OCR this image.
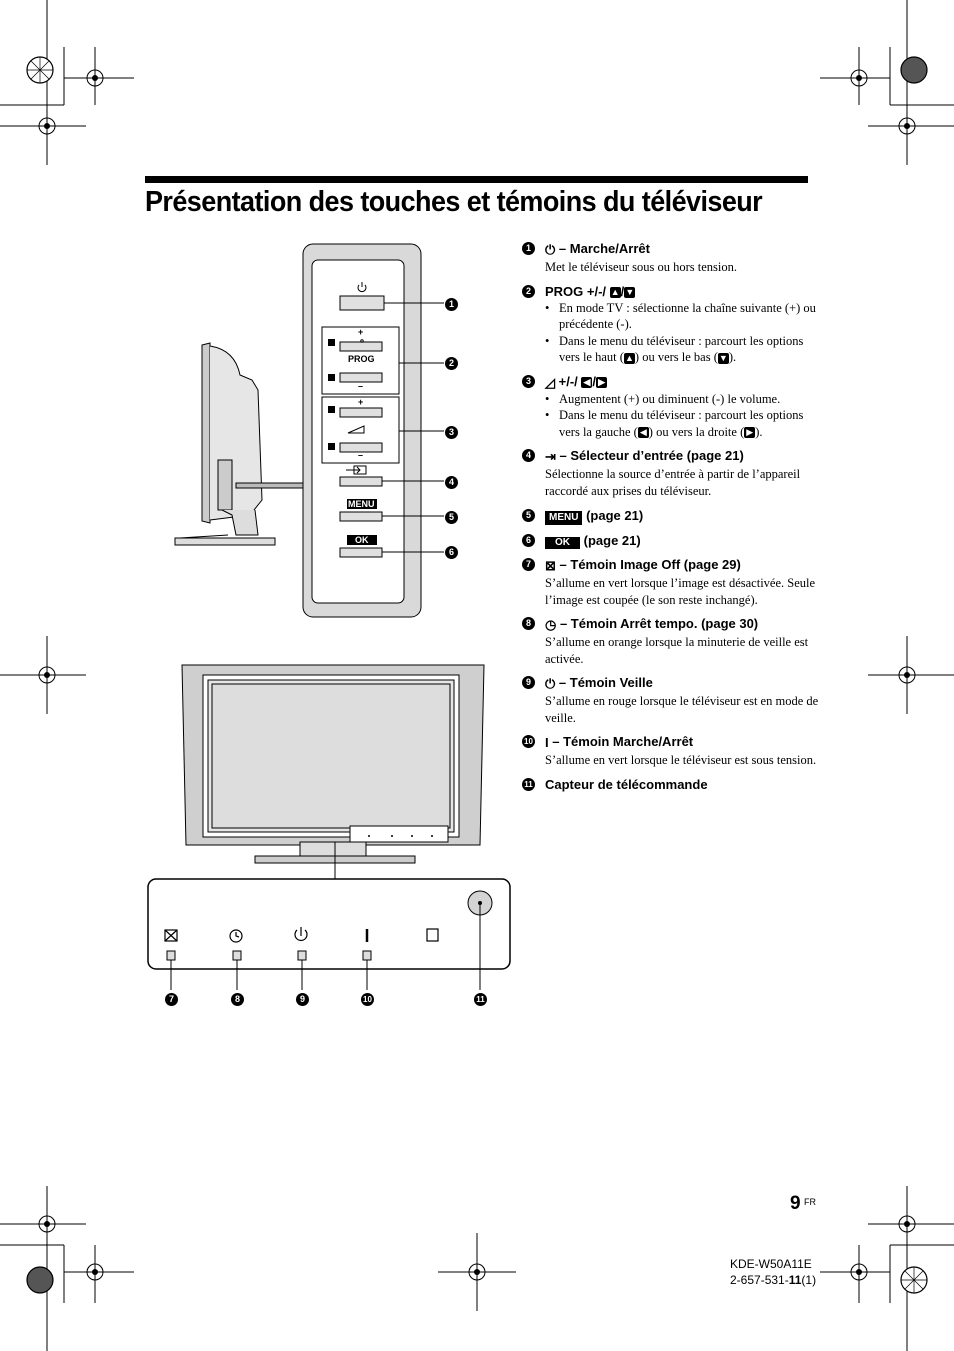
Présentation des touches et témoins du téléviseur
+
PROG
–
+
–
MENU
OK
1
2
3
4
5
6
7	8	9	10	11
1	⏻ – Marche/Arrêt
Met le téléviseur sous ou hors tension.
2	PROG +/-/ ▲/▼
• En mode TV : sélectionne la chaîne suivante (+) ou précédente (-).
• Dans le menu du téléviseur : parcourt les options vers le haut (▲) ou vers le bas (▼).
3	◿ +/-/ ◀ / ▶
• Augmentent (+) ou diminuent (-) le volume.
• Dans le menu du téléviseur : parcourt les options vers la gauche ( ◀ ) ou vers la droite ( ▶ ).
4	⇥ – Sélecteur d’entrée (page 21)
Sélectionne la source d’entrée à partir de l’appareil raccordé aux prises du téléviseur.
5	MENU (page 21)
6	OK (page 21)
7	⊠ – Témoin Image Off (page 29)
S’allume en vert lorsque l’image est désactivée. Seule l’image est coupée (le son reste inchangé).
8	◷ – Témoin Arrêt tempo. (page 30)
S’allume en orange lorsque la minuterie de veille est activée.
9	⏻ – Témoin Veille
S’allume en rouge lorsque le téléviseur est en mode de veille.
10 I – Témoin Marche/Arrêt
S’allume en vert lorsque le téléviseur est sous tension.
11 Capteur de télécommande
9 FR
KDE-W50A11E
2-657-531-11(1)
